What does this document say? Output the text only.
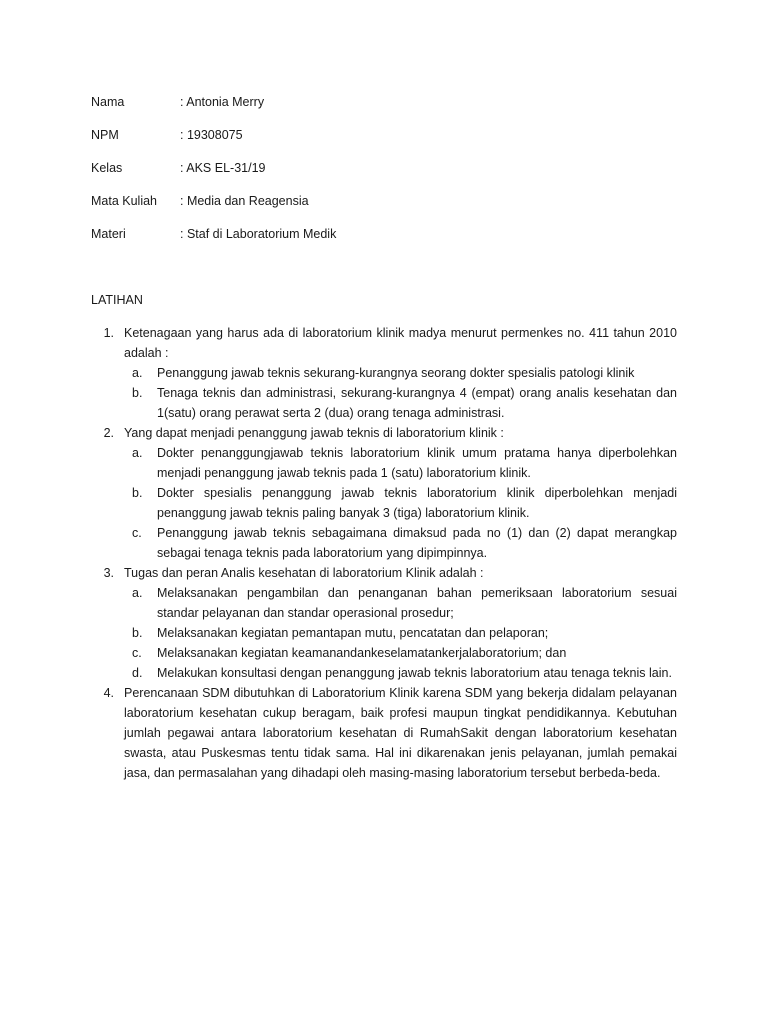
Nama	: Antonia Merry
NPM	: 19308075
Kelas	: AKS EL-31/19
Mata Kuliah	: Media dan Reagensia
Materi	: Staf di Laboratorium Medik
LATIHAN
1. Ketenagaan yang harus ada di laboratorium klinik madya menurut permenkes no. 411 tahun 2010 adalah :
a.	Penanggung jawab teknis sekurang-kurangnya seorang dokter spesialis patologi klinik
b.	Tenaga teknis dan administrasi, sekurang-kurangnya 4 (empat) orang analis kesehatan dan 1(satu) orang perawat serta 2 (dua) orang tenaga administrasi.
2. Yang dapat menjadi penanggung jawab teknis di laboratorium klinik :
a.	Dokter penanggungjawab teknis laboratorium klinik umum pratama hanya diperbolehkan menjadi penanggung jawab teknis pada 1 (satu) laboratorium klinik.
b.	Dokter spesialis penanggung jawab teknis laboratorium klinik diperbolehkan menjadi penanggung jawab teknis paling banyak 3 (tiga) laboratorium klinik.
c.	Penanggung jawab teknis sebagaimana dimaksud pada no (1) dan (2) dapat merangkap sebagai tenaga teknis pada laboratorium yang dipimpinnya.
3. Tugas dan peran Analis kesehatan di laboratorium Klinik adalah :
a.	Melaksanakan pengambilan dan penanganan bahan pemeriksaan laboratorium sesuai standar pelayanan dan standar operasional prosedur;
b.	Melaksanakan kegiatan pemantapan mutu, pencatatan dan pelaporan;
c.	Melaksanakan kegiatan keamanandankeselamatankerjalaboratorium; dan
d.	Melakukan konsultasi dengan penanggung jawab teknis laboratorium atau tenaga teknis lain.
4. Perencanaan SDM dibutuhkan di Laboratorium Klinik karena SDM yang bekerja didalam pelayanan laboratorium kesehatan cukup beragam, baik profesi maupun tingkat pendidikannya. Kebutuhan jumlah pegawai antara laboratorium kesehatan di RumahSakit dengan laboratorium kesehatan swasta, atau Puskesmas tentu tidak sama. Hal ini dikarenakan jenis pelayanan, jumlah pemakai jasa, dan permasalahan yang dihadapi oleh masing-masing laboratorium tersebut berbeda-beda.
